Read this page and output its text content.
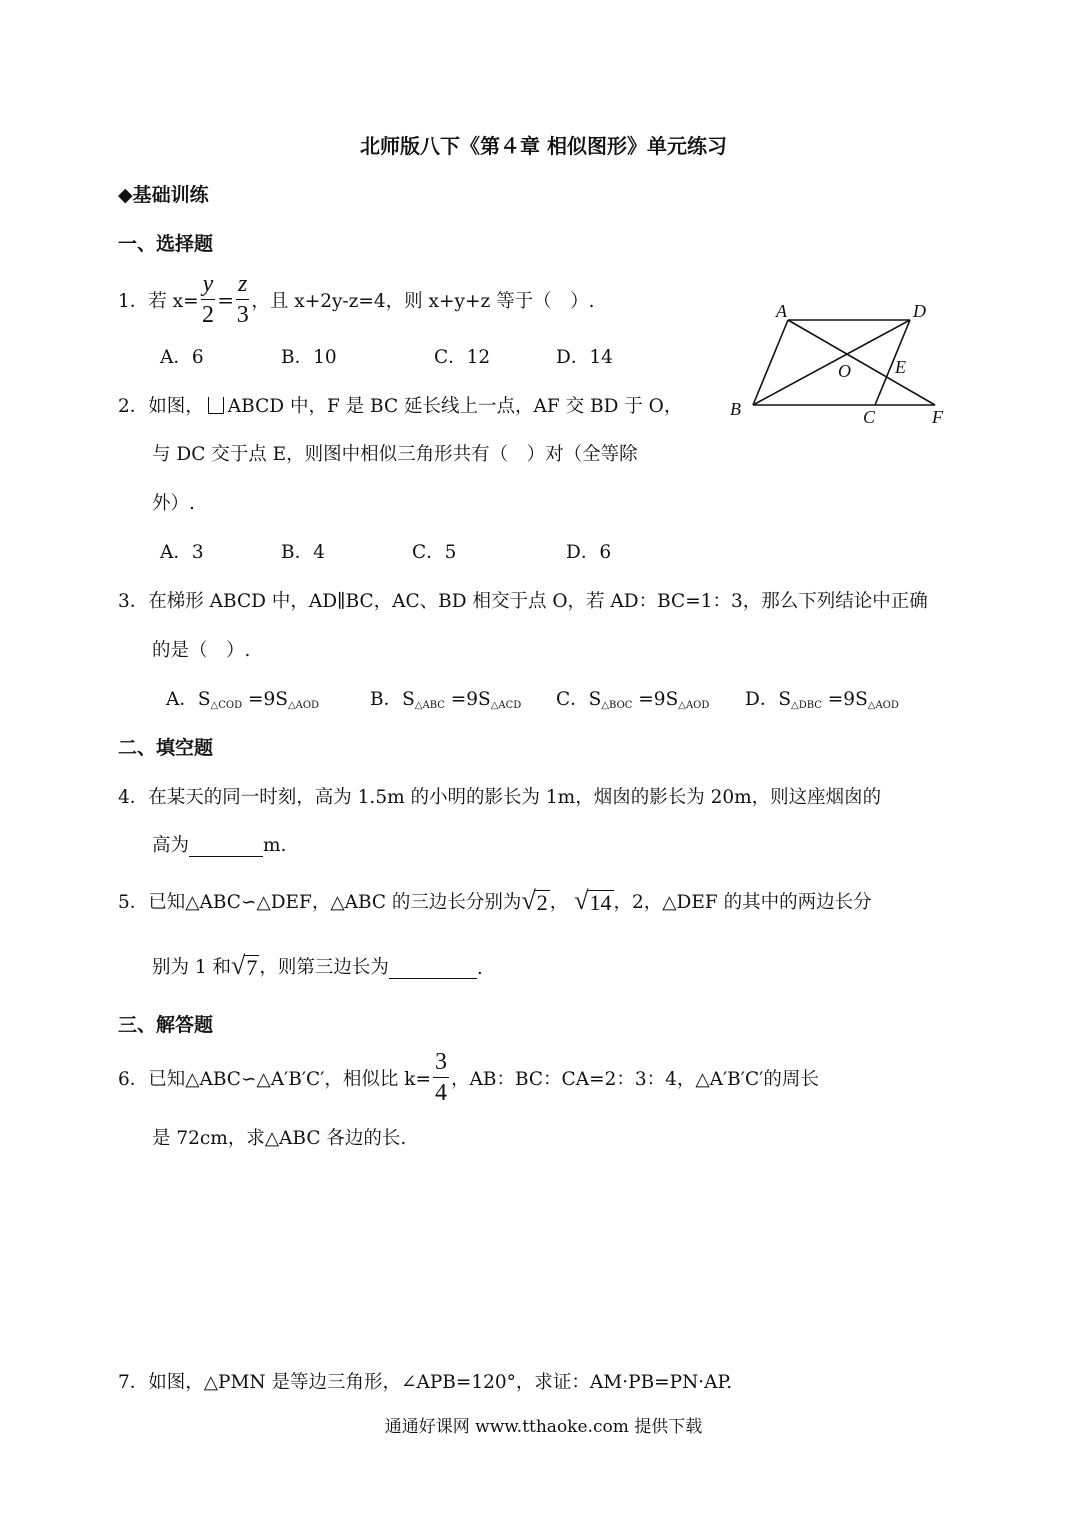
北师版八下《第４章 相似图形》单元练习
◆基础训练
一、选择题
1． 若 $x= \frac{y}{2} = \frac{z}{3}$ ，且 x+2y-z=4，则 x+y+z 等于（　）.
A．6	B．10	C．12	D．14
2．如图， ABCD 中，F 是 BC 延长线上一点，AF 交 BD 于 O，
与 DC 交于点 E，则图中相似三角形共有（　）对（全等除
外）.
A．3	B．4	C．5	D．6
A	D
O E
B	C	F
3．在梯形 ABCD 中，AD∥BC，AC、BD 相交于点 O，若 AD：BC=1：3，那么下列结论中正确
的是（　）.
A．$S_{\triangle COD} =9S_{\triangle AOD}$	B．$S_{\triangle ABC} =9S_{\triangle ACD}$ C．$S_{\triangle BOC} =9S_{\triangle AOD}$ D．$S_{\triangle DBC} =9S_{\triangle AOD}$
二、填空题
4．在某天的同一时刻，高为 1.5m 的小明的影长为 1m，烟囱的影长为 20m，则这座烟囱的
高为	m.
5． 已知△ABC∽△DEF，△ABC 的三边长分别为 √ 2 ， √ 14 ，2，△DEF 的其中的两边长分
别为 1 和 √ 7 ，则第三边长为
	.
三、解答题
6． 已知△ABC∽△A′B′C′，相似比 $k= \frac{3}{4}$ ，AB：BC：CA=2：3：4，△A′B′C′的周长
是 72cm，求△ABC 各边的长.
7．如图，△PMN 是等边三角形，∠APB=120°，求证：AM·PB=PN·AP.
通通好课网 www.tthaoke.com 提供下载
